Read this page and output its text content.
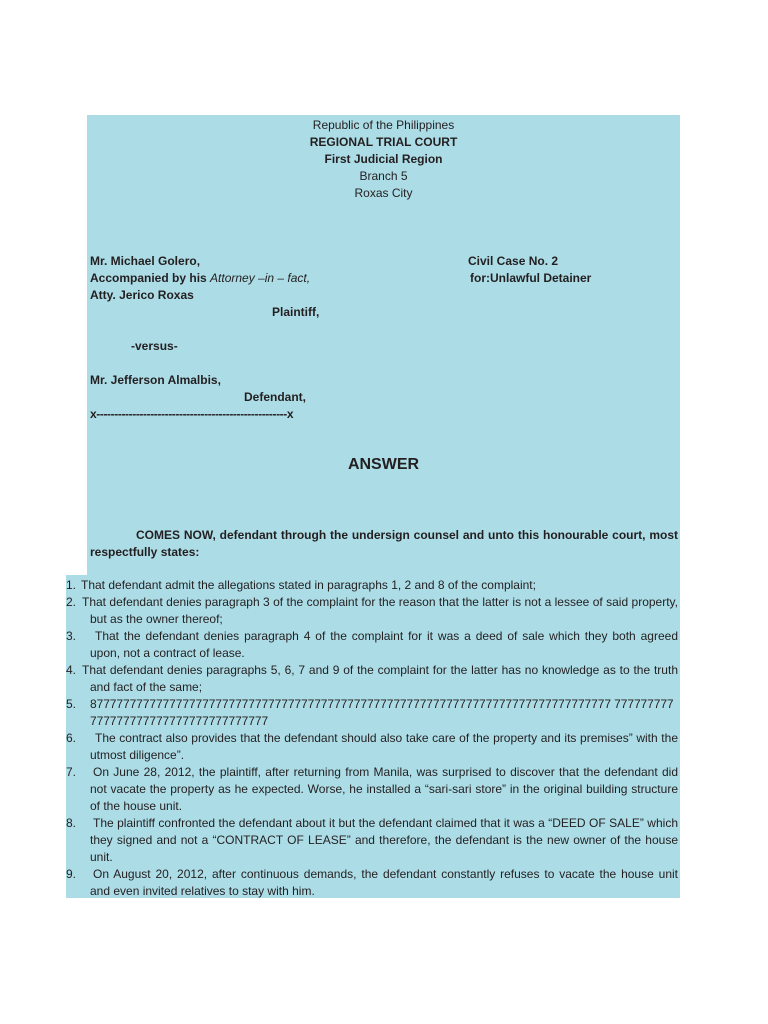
Republic of the Philippines
REGIONAL TRIAL COURT
First Judicial Region
Branch 5
Roxas City
Mr. Michael Golero,
Accompanied by his Attorney –in – fact,
Atty. Jerico Roxas
Plaintiff,
Civil Case No. 2
for:Unlawful Detainer
-versus-
Mr. Jefferson Almalbis,
Defendant,
x-----------------------------------------------------x
ANSWER
COMES NOW, defendant through the undersign counsel and unto this honourable court, most respectfully states:
1. That defendant admit the allegations stated in paragraphs 1, 2 and 8 of the complaint;
2. That defendant denies paragraph 3 of the complaint for the reason that the latter is not a lessee of said property, but as the owner thereof;
3.	That the defendant denies paragraph 4 of the complaint for it was a deed of sale which they both agreed upon, not a contract of lease.
4. That defendant denies paragraphs 5, 6, 7 and 9 of the complaint for the latter has no knowledge as to the truth and fact of the same;
5.	8777777777777777777777777777777777777777777777777777777777777777777777777777777 777777777777777777777777777777777777
6.	The contract also provides that the defendant should also take care of the property and its premises” with the utmost diligence”.
7.	On June 28, 2012, the plaintiff, after returning from Manila, was surprised to discover that the defendant did not vacate the property as he expected. Worse, he installed a “sari-sari store” in the original building structure of the house unit.
8.	The plaintiff confronted the defendant about it but the defendant claimed that it was a “DEED OF SALE” which they signed and not a “CONTRACT OF LEASE” and therefore, the defendant is the new owner of the house unit.
9.	On August 20, 2012, after continuous demands, the defendant constantly refuses to vacate the house unit and even invited relatives to stay with him.
